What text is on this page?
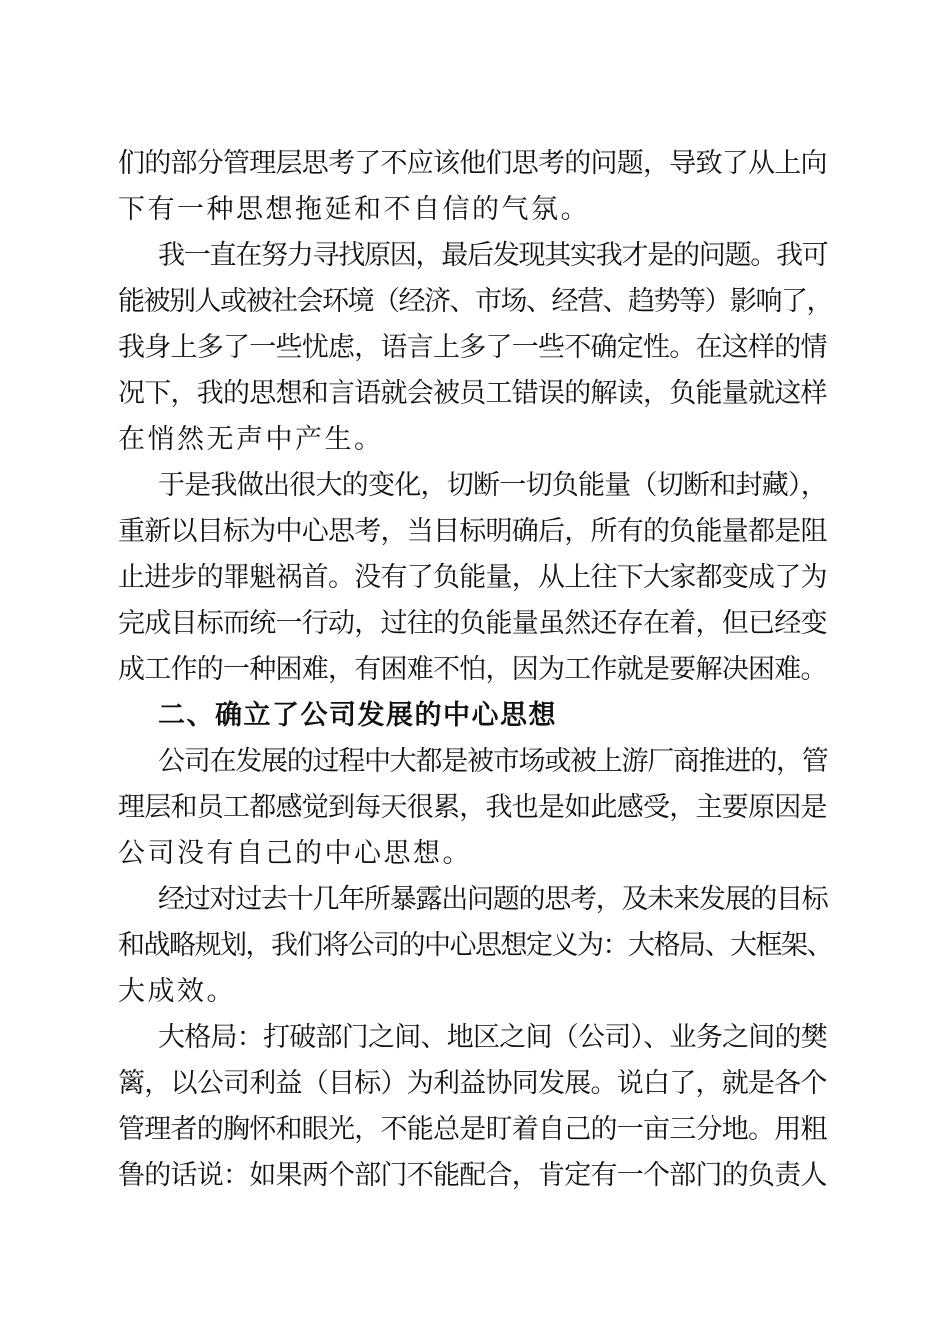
们的部分管理层思考了不应该他们思考的问题，导致了从上向
下有一种思想拖延和不自信的气氛。
我一直在努力寻找原因，最后发现其实我才是的问题。我可
能被别人或被社会环境（经济、市场、经营、趋势等）影响了，
我身上多了一些忧虑，语言上多了一些不确定性。在这样的情
况下，我的思想和言语就会被员工错误的解读，负能量就这样
在悄然无声中产生。
于是我做出很大的变化，切断一切负能量（切断和封藏），
重新以目标为中心思考，当目标明确后，所有的负能量都是阻
止进步的罪魁祸首。没有了负能量，从上往下大家都变成了为
完成目标而统一行动，过往的负能量虽然还存在着，但已经变
成工作的一种困难，有困难不怕，因为工作就是要解决困难。
二、确立了公司发展的中心思想
公司在发展的过程中大都是被市场或被上游厂商推进的，管
理层和员工都感觉到每天很累，我也是如此感受，主要原因是
公司没有自己的中心思想。
经过对过去十几年所暴露出问题的思考，及未来发展的目标
和战略规划，我们将公司的中心思想定义为：大格局、大框架、
大成效。
大格局：打破部门之间、地区之间（公司）、业务之间的樊
篱，以公司利益（目标）为利益协同发展。说白了，就是各个
管理者的胸怀和眼光，不能总是盯着自己的一亩三分地。用粗
鲁的话说：如果两个部门不能配合，肯定有一个部门的负责人
